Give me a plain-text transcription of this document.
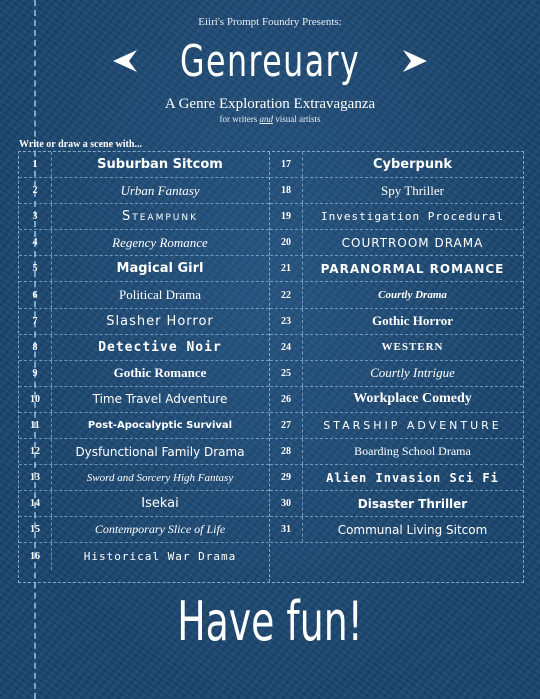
Eiiri's Prompt Foundry Presents:
Genreuary
A Genre Exploration Extravaganza
for writers and visual artists
Write or draw a scene with...
1	Suburban Sitcom
2	Urban Fantasy
3	Steampunk
4	Regency Romance
5	Magical Girl
6	Political Drama
7	Slasher Horror
8	Detective Noir
9	Gothic Romance
10	Time Travel Adventure
11	Post-Apocalyptic Survival
12	Dysfunctional Family Drama
13	Sword and Sorcery High Fantasy
14	Isekai
15	Contemporary Slice of Life
16	Historical War Drama
17	Cyberpunk
18	Spy Thriller
19	Investigation Procedural
20	COURTROOM DRAMA
21	PARANORMAL ROMANCE
22	Courtly Drama
23	Gothic Horror
24	WESTERN
25	Courtly Intrigue
26	Workplace Comedy
27	STARSHIP ADVENTURE
28	Boarding School Drama
29	Alien Invasion Sci Fi
30	Disaster Thriller
31	Communal Living Sitcom
Have fun!
